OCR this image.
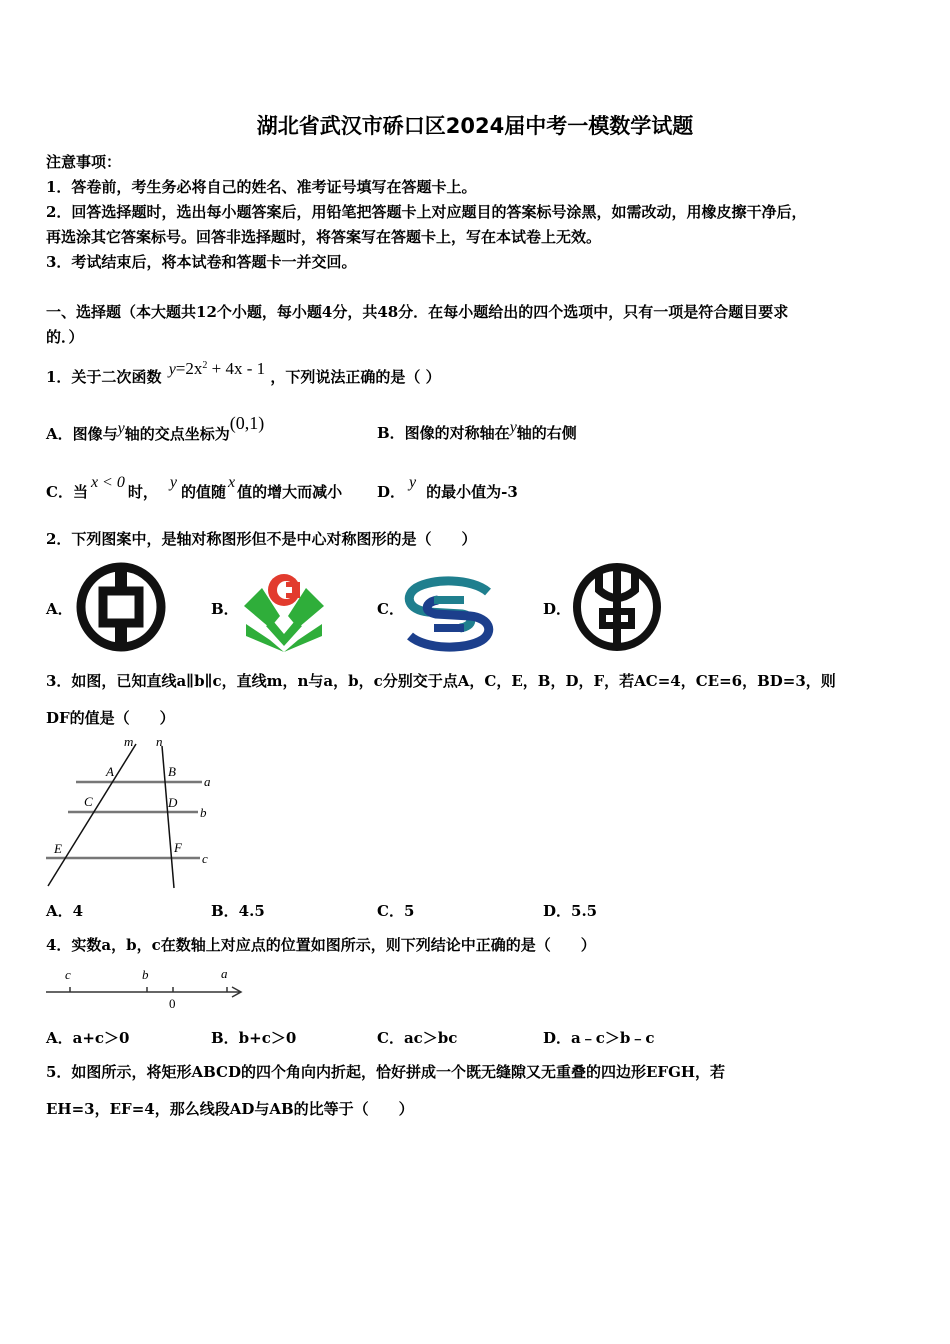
湖北省武汉市硚口区2024届中考一模数学试题
注意事项：
1．答卷前，考生务必将自己的姓名、准考证号填写在答题卡上。
2．回答选择题时，选出每小题答案后，用铅笔把答题卡上对应题目的答案标号涂黑，如需改动，用橡皮擦干净后，
再选涂其它答案标号。回答非选择题时，将答案写在答题卡上，写在本试卷上无效。
3．考试结束后，将本试卷和答题卡一并交回。
一、选择题（本大题共12个小题，每小题4分，共48分．在每小题给出的四个选项中，只有一项是符合题目要求
的．）
1．关于二次函数 $y=2x^2 + 4x - 1$ ，下列说法正确的是（ ）
A．图像与y轴的交点坐标为(0,1)	B．图像的对称轴在y轴的右侧
C．当x < 0时，y的值随x值的增大而减小 D．y的最小值为-3
2．下列图案中，是轴对称图形但不是中心对称图形的是（　　）
A．	B．	C．	D．
3．如图，已知直线a∥b∥c，直线m，n与a，b，c分别交于点A，C，E，B，D，F，若AC=4，CE=6，BD=3，则
DF的值是（　　）
m n
A	B
a
C	D
b
E	F
c
A．4	B．4.5	C．5	D．5.5
4．实数a，b，c在数轴上对应点的位置如图所示，则下列结论中正确的是（　　）
c	b	a
0
A．a+c＞0	B．b+c＞0	C．ac＞bc	D．a﹣c＞b﹣c
5．如图所示，将矩形ABCD的四个角向内折起，恰好拼成一个既无缝隙又无重叠的四边形EFGH，若
EH=3，EF=4，那么线段AD与AB的比等于（　　）
